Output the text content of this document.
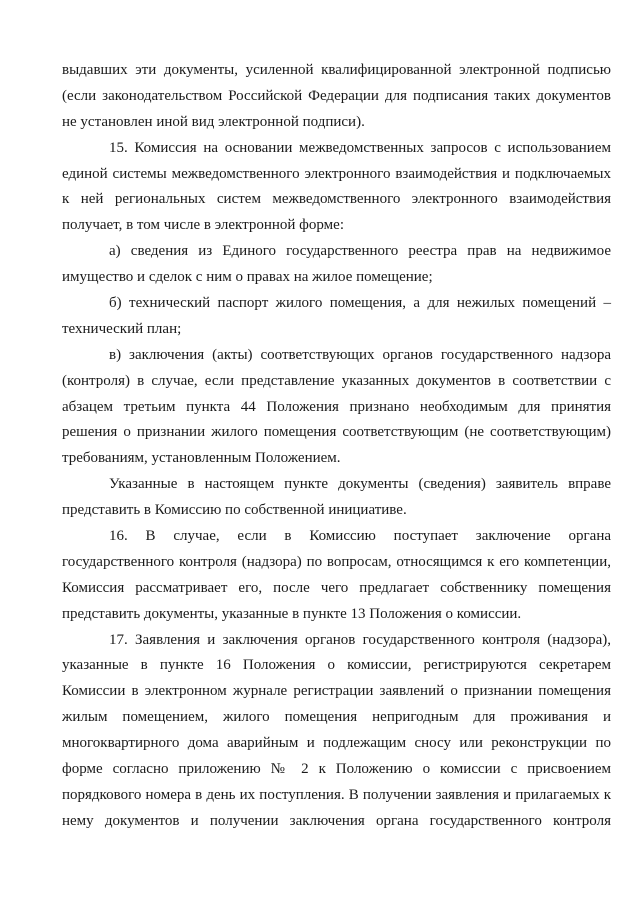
выдавших эти документы, усиленной квалифицированной электронной подписью
(если законодательством Российской Федерации для подписания таких документов
не установлен иной вид электронной подписи).
15. Комиссия на основании межведомственных запросов с использованием
единой системы межведомственного электронного взаимодействия и подключаемых
к ней региональных систем межведомственного электронного взаимодействия
получает, в том числе в электронной форме:
а) сведения из Единого государственного реестра прав на недвижимое
имущество и сделок с ним о правах на жилое помещение;
б) технический паспорт жилого помещения, а для нежилых помещений –
технический план;
в) заключения (акты) соответствующих органов государственного надзора
(контроля) в случае, если представление указанных документов в соответствии с
абзацем третьим пункта 44 Положения признано необходимым для принятия
решения о признании жилого помещения соответствующим (не соответствующим)
требованиям, установленным Положением.
Указанные в настоящем пункте документы (сведения) заявитель вправе
представить в Комиссию по собственной инициативе.
16. В случае, если в Комиссию поступает заключение органа
государственного контроля (надзора) по вопросам, относящимся к его компетенции,
Комиссия рассматривает его, после чего предлагает собственнику помещения
представить документы, указанные в пункте 13 Положения о комиссии.
17. Заявления и заключения органов государственного контроля (надзора),
указанные в пункте 16 Положения о комиссии, регистрируются секретарем
Комиссии в электронном журнале регистрации заявлений о признании помещения
жилым помещением, жилого помещения непригодным для проживания и
многоквартирного дома аварийным и подлежащим сносу или реконструкции по
форме согласно приложению № 2 к Положению о комиссии с присвоением
порядкового номера в день их поступления. В получении заявления и прилагаемых к
нему документов и получении заключения органа государственного контроля
